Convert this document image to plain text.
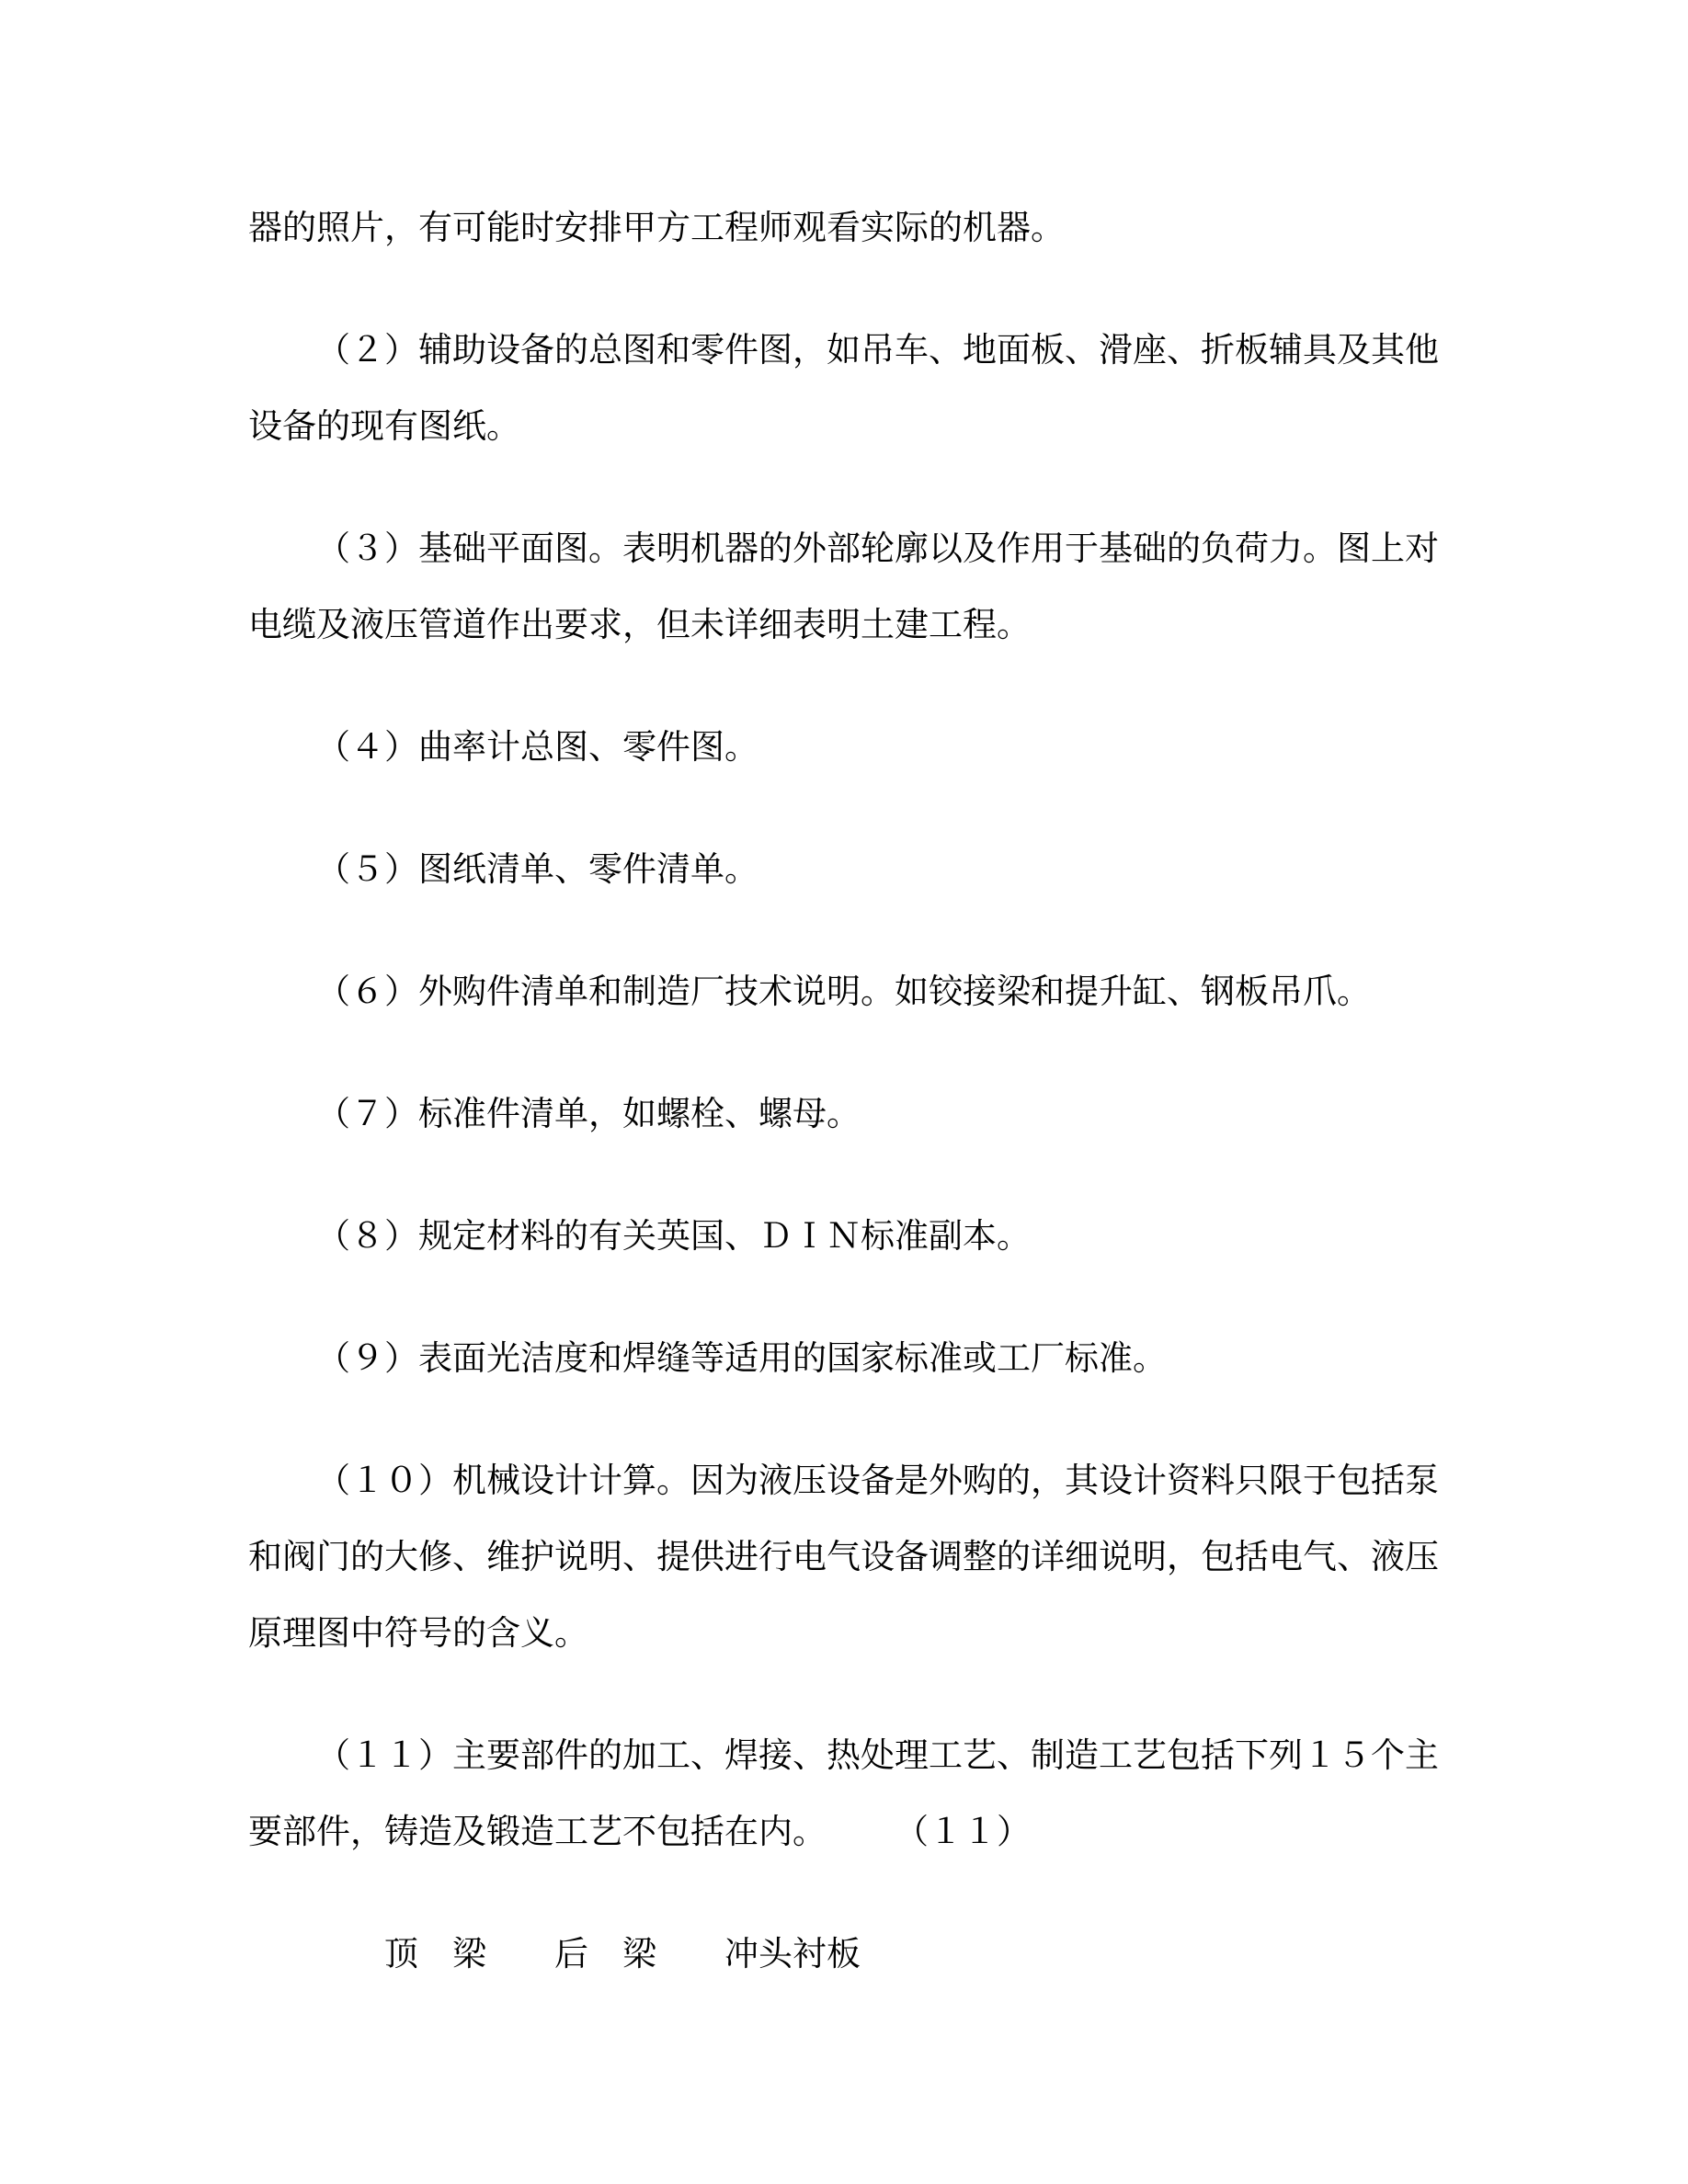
器的照片，有可能时安排甲方工程师观看实际的机器。

（２）辅助设备的总图和零件图，如吊车、地面板、滑座、折板辅具及其他设备的现有图纸。

（３）基础平面图。表明机器的外部轮廓以及作用于基础的负荷力。图上对电缆及液压管道作出要求，但未详细表明土建工程。

（４）曲率计总图、零件图。

（５）图纸清单、零件清单。

（６）外购件清单和制造厂技术说明。如铰接梁和提升缸、钢板吊爪。

（７）标准件清单，如螺栓、螺母。

（８）规定材料的有关英国、ＤＩＮ标准副本。

（９）表面光洁度和焊缝等适用的国家标准或工厂标准。

（１０）机械设计计算。因为液压设备是外购的，其设计资料只限于包括泵和阀门的大修、维护说明、提供进行电气设备调整的详细说明，包括电气、液压原理图中符号的含义。

（１１）主要部件的加工、焊接、热处理工艺、制造工艺包括下列１５个主要部件，铸造及锻造工艺不包括在内。　　　（１１）

顶　梁　　后　梁　　冲头衬板
